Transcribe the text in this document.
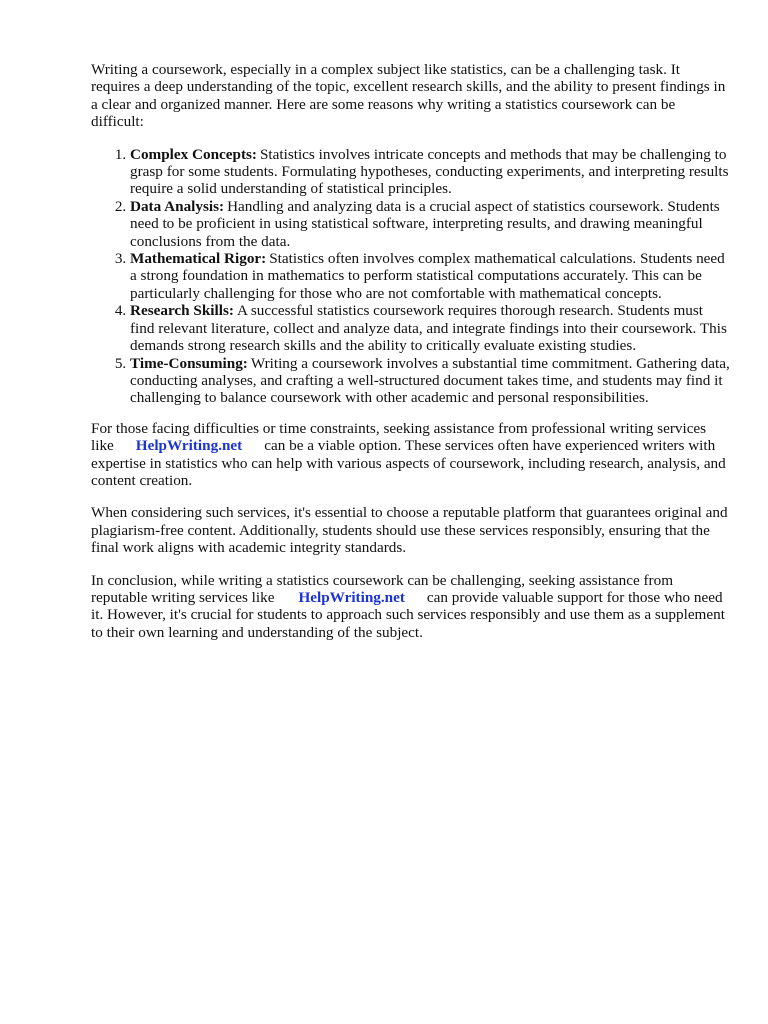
Writing a coursework, especially in a complex subject like statistics, can be a challenging task. It requires a deep understanding of the topic, excellent research skills, and the ability to present findings in a clear and organized manner. Here are some reasons why writing a statistics coursework can be difficult:

1. Complex Concepts: Statistics involves intricate concepts and methods that may be challenging to grasp for some students. Formulating hypotheses, conducting experiments, and interpreting results require a solid understanding of statistical principles.
2. Data Analysis: Handling and analyzing data is a crucial aspect of statistics coursework. Students need to be proficient in using statistical software, interpreting results, and drawing meaningful conclusions from the data.
3. Mathematical Rigor: Statistics often involves complex mathematical calculations. Students need a strong foundation in mathematics to perform statistical computations accurately. This can be particularly challenging for those who are not comfortable with mathematical concepts.
4. Research Skills: A successful statistics coursework requires thorough research. Students must find relevant literature, collect and analyze data, and integrate findings into their coursework. This demands strong research skills and the ability to critically evaluate existing studies.
5. Time-Consuming: Writing a coursework involves a substantial time commitment. Gathering data, conducting analyses, and crafting a well-structured document takes time, and students may find it challenging to balance coursework with other academic and personal responsibilities.

For those facing difficulties or time constraints, seeking assistance from professional writing services like HelpWriting.net can be a viable option. These services often have experienced writers with expertise in statistics who can help with various aspects of coursework, including research, analysis, and content creation.

When considering such services, it's essential to choose a reputable platform that guarantees original and plagiarism-free content. Additionally, students should use these services responsibly, ensuring that the final work aligns with academic integrity standards.

In conclusion, while writing a statistics coursework can be challenging, seeking assistance from reputable writing services like HelpWriting.net can provide valuable support for those who need it. However, it's crucial for students to approach such services responsibly and use them as a supplement to their own learning and understanding of the subject.
